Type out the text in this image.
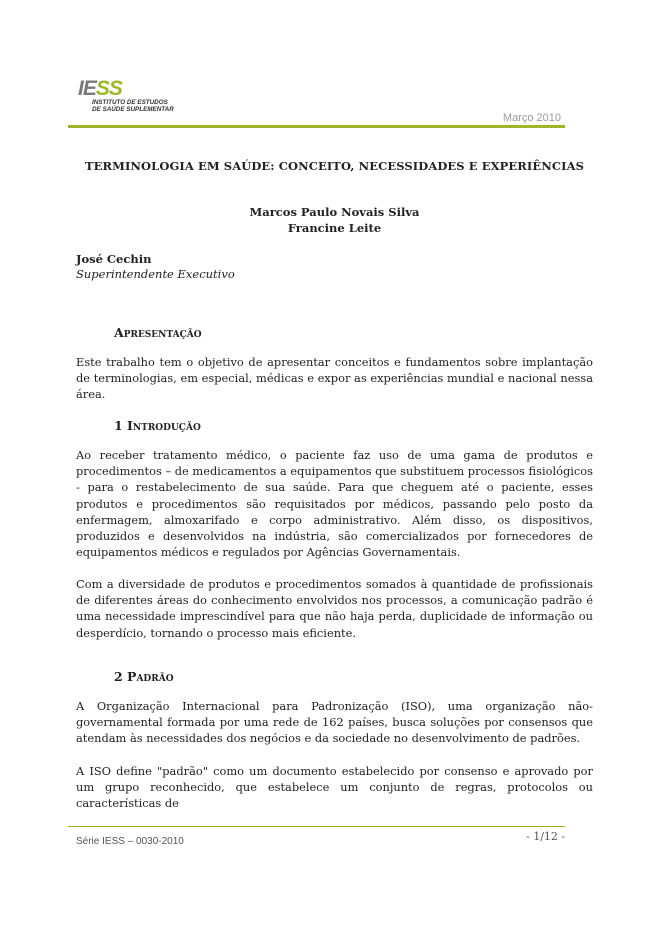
IESS
INSTITUTO DE ESTUDOS
DE SAÚDE SUPLEMENTAR
Março 2010
TERMINOLOGIA EM SAÚDE: CONCEITO, NECESSIDADES E EXPERIÊNCIAS
Marcos Paulo Novais Silva
Francine Leite
José Cechin
Superintendente Executivo
Apresentação
Este trabalho tem o objetivo de apresentar conceitos e fundamentos sobre implantação de terminologias, em especial, médicas e expor as experiências mundial e nacional nessa área.
1 Introdução
Ao receber tratamento médico, o paciente faz uso de uma gama de produtos e procedimentos – de medicamentos a equipamentos que substituem processos fisiológicos - para o restabelecimento de sua saúde. Para que cheguem até o paciente, esses produtos e procedimentos são requisitados por médicos, passando pelo posto da enfermagem, almoxarifado e corpo administrativo. Além disso, os dispositivos, produzidos e desenvolvidos na indústria, são comercializados por fornecedores de equipamentos médicos e regulados por Agências Governamentais.
Com a diversidade de produtos e procedimentos somados à quantidade de profissionais de diferentes áreas do conhecimento envolvidos nos processos, a comunicação padrão é uma necessidade imprescindível para que não haja perda, duplicidade de informação ou desperdício, tornando o processo mais eficiente.
2 Padrão
A Organização Internacional para Padronização (ISO), uma organização não-governamental formada por uma rede de 162 países, busca soluções por consensos que atendam às necessidades dos negócios e da sociedade no desenvolvimento de padrões.
A ISO define "padrão" como um documento estabelecido por consenso e aprovado por um grupo reconhecido, que estabelece um conjunto de regras, protocolos ou características de
Série IESS – 0030-2010	- 1/12 -
